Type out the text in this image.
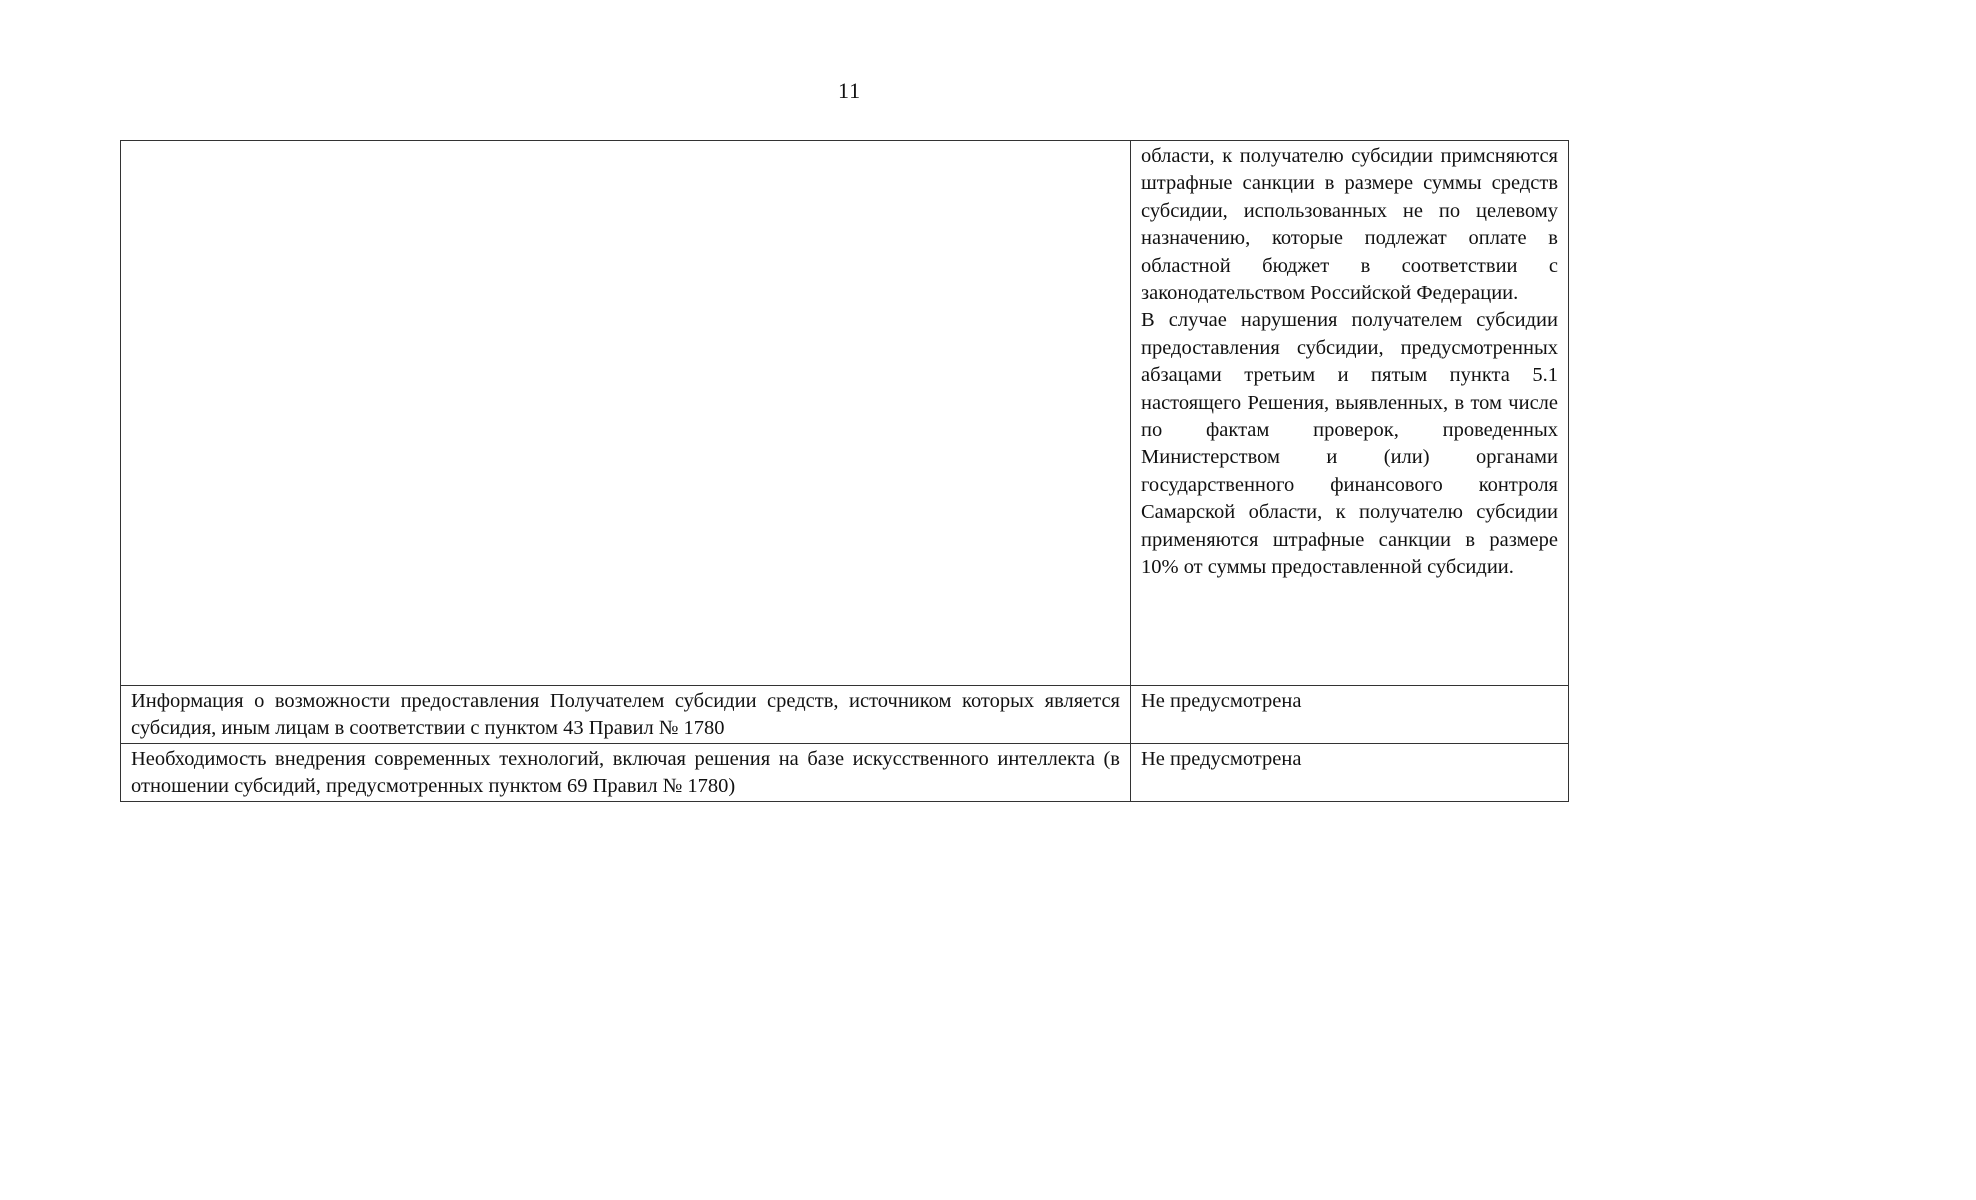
11

	области, к получателю субсидии примсняются штрафные санкции в размере суммы средств субсидии, использованных не по целевому назначению, которые подлежат оплате в областной бюджет в соответствии с законодательством Российской Федерации.
В случае нарушения получателем субсидии предоставления субсидии, предусмотренных абзацами третьим и пятым пункта 5.1 настоящего Решения, выявленных, в том числе по фактам проверок, проведенных Министерством и (или) органами государственного финансового контроля Самарской области, к получателю субсидии применяются штрафные санкции в размере 10% от суммы предоставленной субсидии.

Информация о возможности предоставления Получателем субсидии средств, источником которых является субсидия, иным лицам в соответствии с пунктом 43 Правил № 1780	Не предусмотрена

Необходимость внедрения современных технологий, включая решения на базе искусственного интеллекта (в отношении субсидий, предусмотренных пунктом 69 Правил № 1780)	Не предусмотрена
